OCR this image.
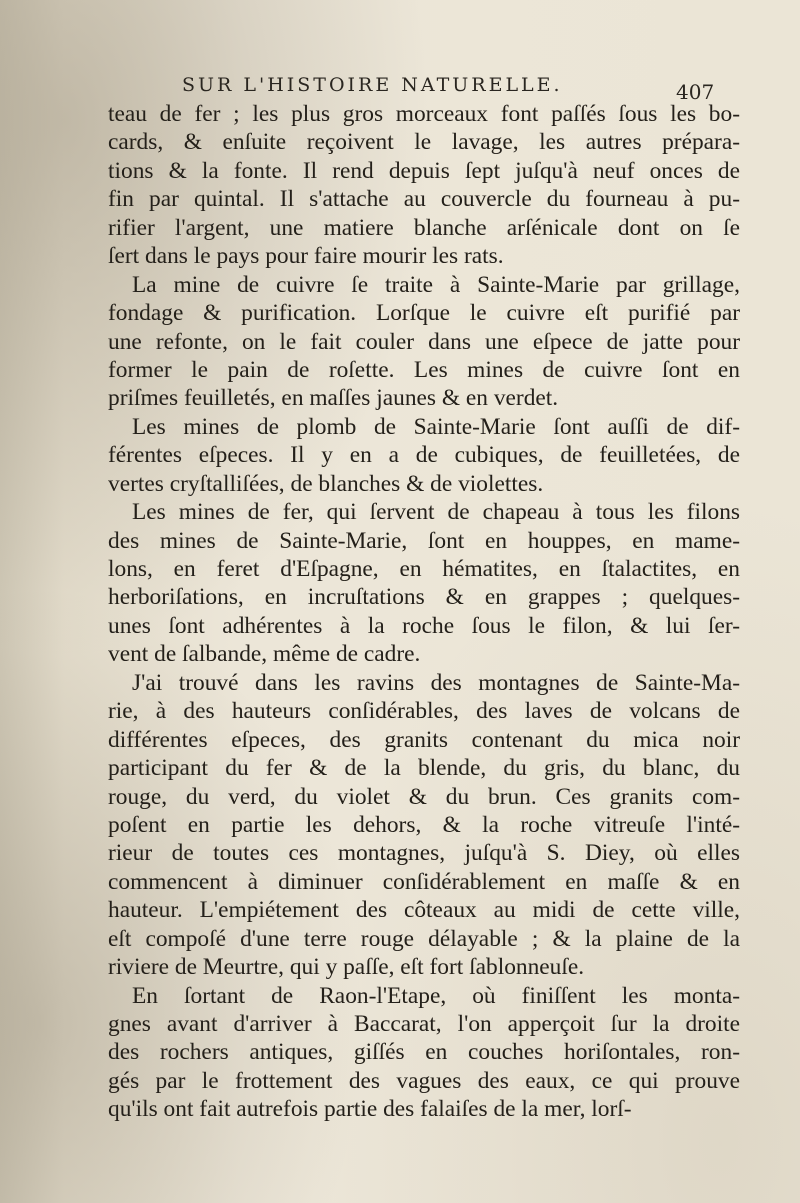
SUR L'HISTOIRE NATURELLE.	407
teau de fer ; les plus gros morceaux font paſſés ſous les bo-
cards, & enſuite reçoivent le lavage, les autres prépara-
tions & la fonte. Il rend depuis ſept juſqu'à neuf onces de
fin par quintal. Il s'attache au couvercle du fourneau à pu-
rifier l'argent, une matiere blanche arſénicale dont on ſe
ſert dans le pays pour faire mourir les rats.
La mine de cuivre ſe traite à Sainte-Marie par grillage,
fondage & purification. Lorſque le cuivre eſt purifié par
une refonte, on le fait couler dans une eſpece de jatte pour
former le pain de roſette. Les mines de cuivre ſont en
priſmes feuilletés, en maſſes jaunes & en verdet.
Les mines de plomb de Sainte-Marie ſont auſſi de dif-
férentes eſpeces. Il y en a de cubiques, de feuilletées, de
vertes cryſtalliſées, de blanches & de violettes.
Les mines de fer, qui ſervent de chapeau à tous les filons
des mines de Sainte-Marie, ſont en houppes, en mame-
lons, en feret d'Eſpagne, en hématites, en ſtalactites, en
herboriſations, en incruſtations & en grappes ; quelques-
unes ſont adhérentes à la roche ſous le filon, & lui ſer-
vent de ſalbande, même de cadre.
J'ai trouvé dans les ravins des montagnes de Sainte-Ma-
rie, à des hauteurs conſidérables, des laves de volcans de
différentes eſpeces, des granits contenant du mica noir
participant du fer & de la blende, du gris, du blanc, du
rouge, du verd, du violet & du brun. Ces granits com-
poſent en partie les dehors, & la roche vitreuſe l'inté-
rieur de toutes ces montagnes, juſqu'à S. Diey, où elles
commencent à diminuer conſidérablement en maſſe & en
hauteur. L'empiétement des côteaux au midi de cette ville,
eſt compoſé d'une terre rouge délayable ; & la plaine de la
riviere de Meurtre, qui y paſſe, eſt fort ſablonneuſe.
En ſortant de Raon-l'Etape, où finiſſent les monta-
gnes avant d'arriver à Baccarat, l'on apperçoit ſur la droite
des rochers antiques, giſſés en couches horiſontales, ron-
gés par le frottement des vagues des eaux, ce qui prouve
qu'ils ont fait autrefois partie des falaiſes de la mer, lorſ-
